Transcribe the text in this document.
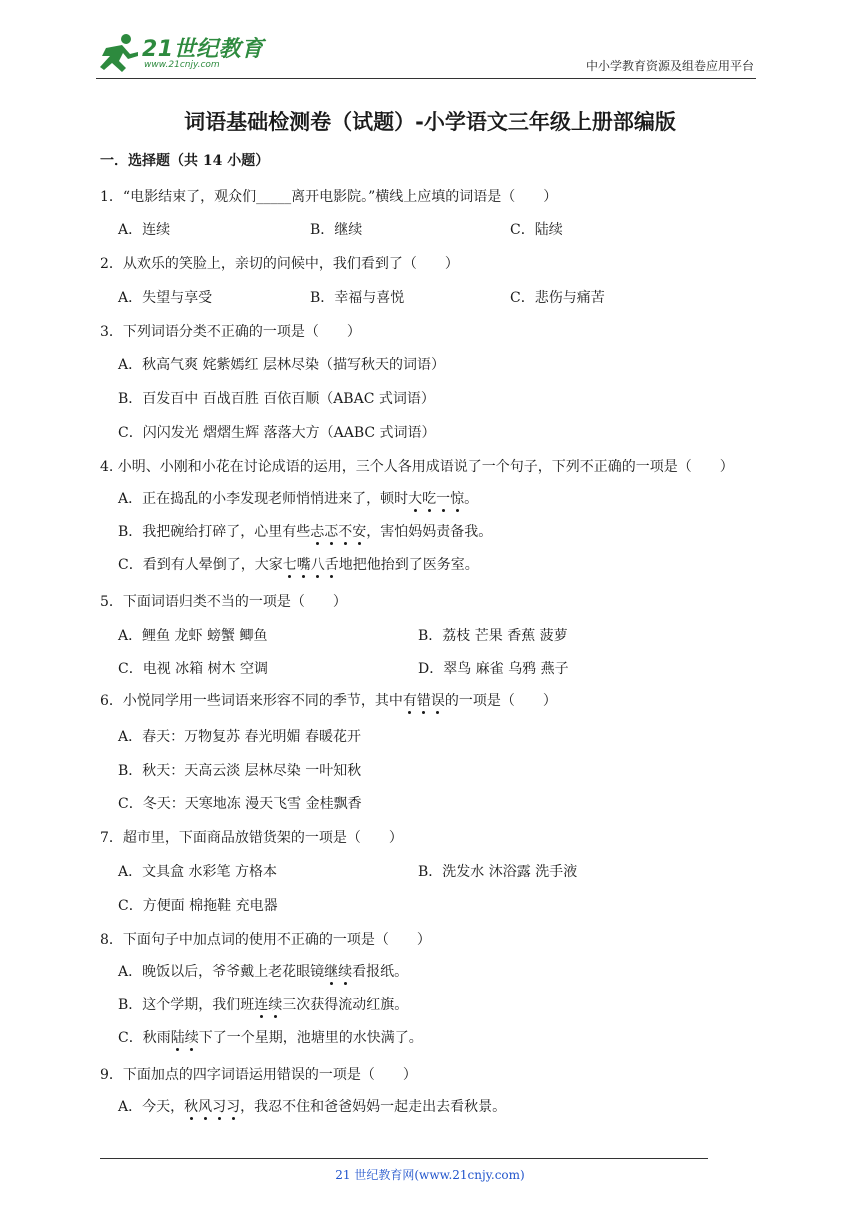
21世纪教育
www.21cnjy.com	中小学教育资源及组卷应用平台
词语基础检测卷（试题）-小学语文三年级上册部编版
一．选择题（共 14 小题）
1．“电影结束了，观众们_____离开电影院。”横线上应填的词语是（　　）
A．连续	B．继续	C．陆续
2．从欢乐的笑脸上，亲切的问候中，我们看到了（　　）
A．失望与享受	B．幸福与喜悦	C．悲伤与痛苦
3．下列词语分类不正确的一项是（　　）
A．秋高气爽 姹紫嫣红 层林尽染（描写秋天的词语）
B．百发百中 百战百胜 百依百顺（ABAC 式词语）
C．闪闪发光 熠熠生辉 落落大方（AABC 式词语）
4. 小明、小刚和小花在讨论成语的运用，三个人各用成语说了一个句子，下列不正确的一项是（　　）
A．正在捣乱的小李发现老师悄悄进来了，顿时大吃一惊。
B．我把碗给打碎了，心里有些忐忑不安，害怕妈妈责备我。
C．看到有人晕倒了，大家七嘴八舌地把他抬到了医务室。
5．下面词语归类不当的一项是（　　）
A．鲤鱼 龙虾 螃蟹 鲫鱼	B．荔枝 芒果 香蕉 菠萝
C．电视 冰箱 树木 空调	D．翠鸟 麻雀 乌鸦 燕子
6．小悦同学用一些词语来形容不同的季节，其中有错误的一项是（　　）
A．春天：万物复苏 春光明媚 春暖花开
B．秋天：天高云淡 层林尽染 一叶知秋
C．冬天：天寒地冻 漫天飞雪 金桂飘香
7．超市里，下面商品放错货架的一项是（　　）
A．文具盒 水彩笔 方格本	B．洗发水 沐浴露 洗手液
C．方便面 棉拖鞋 充电器
8．下面句子中加点词的使用不正确的一项是（　　）
A．晚饭以后，爷爷戴上老花眼镜继续看报纸。
B．这个学期，我们班连续三次获得流动红旗。
C．秋雨陆续下了一个星期，池塘里的水快满了。
9．下面加点的四字词语运用错误的一项是（　　）
A．今天，秋风习习，我忍不住和爸爸妈妈一起走出去看秋景。
21 世纪教育网(www.21cnjy.com)
